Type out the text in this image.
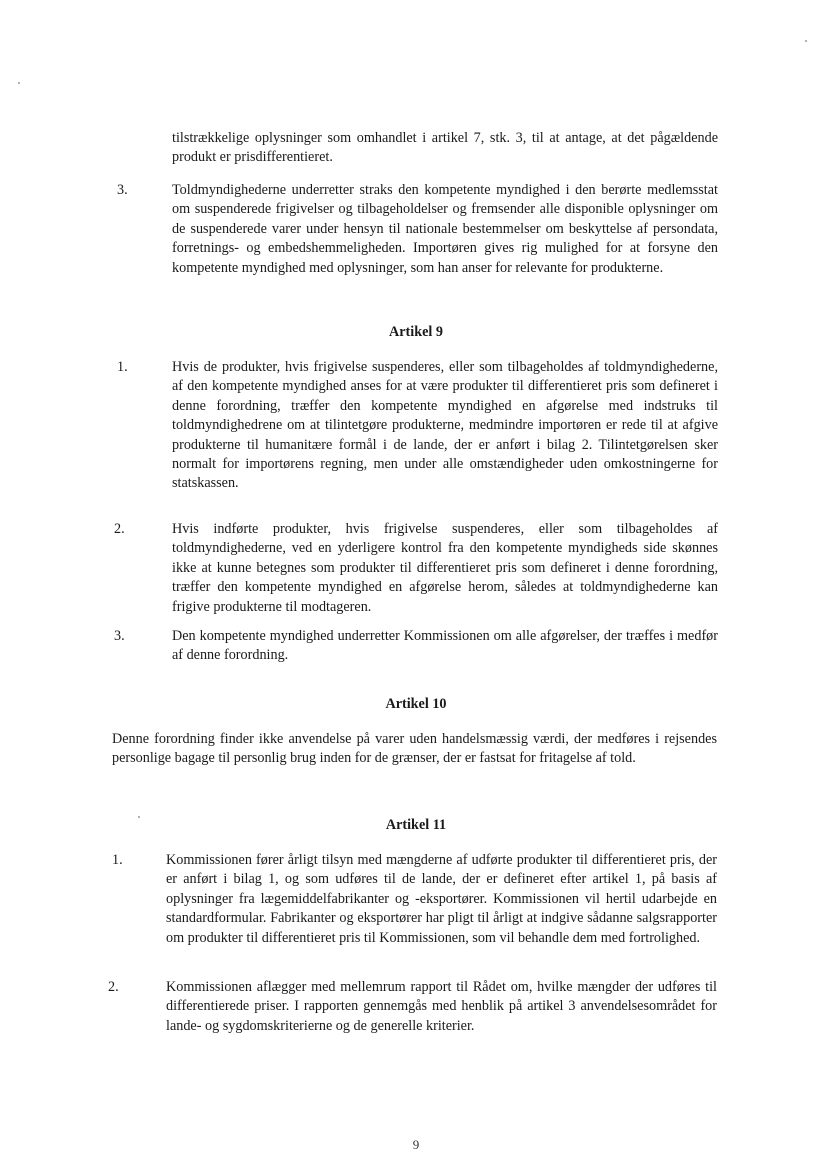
tilstrækkelige oplysninger som omhandlet i artikel 7, stk. 3, til at antage, at det pågældende produkt er prisdifferentieret.

3.	Toldmyndighederne underretter straks den kompetente myndighed i den berørte medlemsstat om suspenderede frigivelser og tilbageholdelser og fremsender alle disponible oplysninger om de suspenderede varer under hensyn til nationale bestemmelser om beskyttelse af persondata, forretnings- og embedshemmeligheden. Importøren gives rig mulighed for at forsyne den kompetente myndighed med oplysninger, som han anser for relevante for produkterne.

Artikel 9

1.	Hvis de produkter, hvis frigivelse suspenderes, eller som tilbageholdes af toldmyndighederne, af den kompetente myndighed anses for at være produkter til differentieret pris som defineret i denne forordning, træffer den kompetente myndighed en afgørelse med indstruks til toldmyndighedrene om at tilintetgøre produkterne, medmindre importøren er rede til at afgive produkterne til humanitære formål i de lande, der er anført i bilag 2. Tilintetgørelsen sker normalt for importørens regning, men under alle omstændigheder uden omkostningerne for statskassen.

2.	Hvis indførte produkter, hvis frigivelse suspenderes, eller som tilbageholdes af toldmyndighederne, ved en yderligere kontrol fra den kompetente myndigheds side skønnes ikke at kunne betegnes som produkter til differentieret pris som defineret i denne forordning, træffer den kompetente myndighed en afgørelse herom, således at toldmyndighederne kan frigive produkterne til modtageren.

3.	Den kompetente myndighed underretter Kommissionen om alle afgørelser, der træffes i medfør af denne forordning.

Artikel 10

Denne forordning finder ikke anvendelse på varer uden handelsmæssig værdi, der medføres i rejsendes personlige bagage til personlig brug inden for de grænser, der er fastsat for fritagelse af told.

Artikel 11

1.	Kommissionen fører årligt tilsyn med mængderne af udførte produkter til differentieret pris, der er anført i bilag 1, og som udføres til de lande, der er defineret efter artikel 1, på basis af oplysninger fra lægemiddelfabrikanter og -eksportører. Kommissionen vil hertil udarbejde en standardformular. Fabrikanter og eksportører har pligt til årligt at indgive sådanne salgsrapporter om produkter til differentieret pris til Kommissionen, som vil behandle dem med fortrolighed.

2.	Kommissionen aflægger med mellemrum rapport til Rådet om, hvilke mængder der udføres til differentierede priser. I rapporten gennemgås med henblik på artikel 3 anvendelsesområdet for lande- og sygdomskriterierne og de generelle kriterier.

9
